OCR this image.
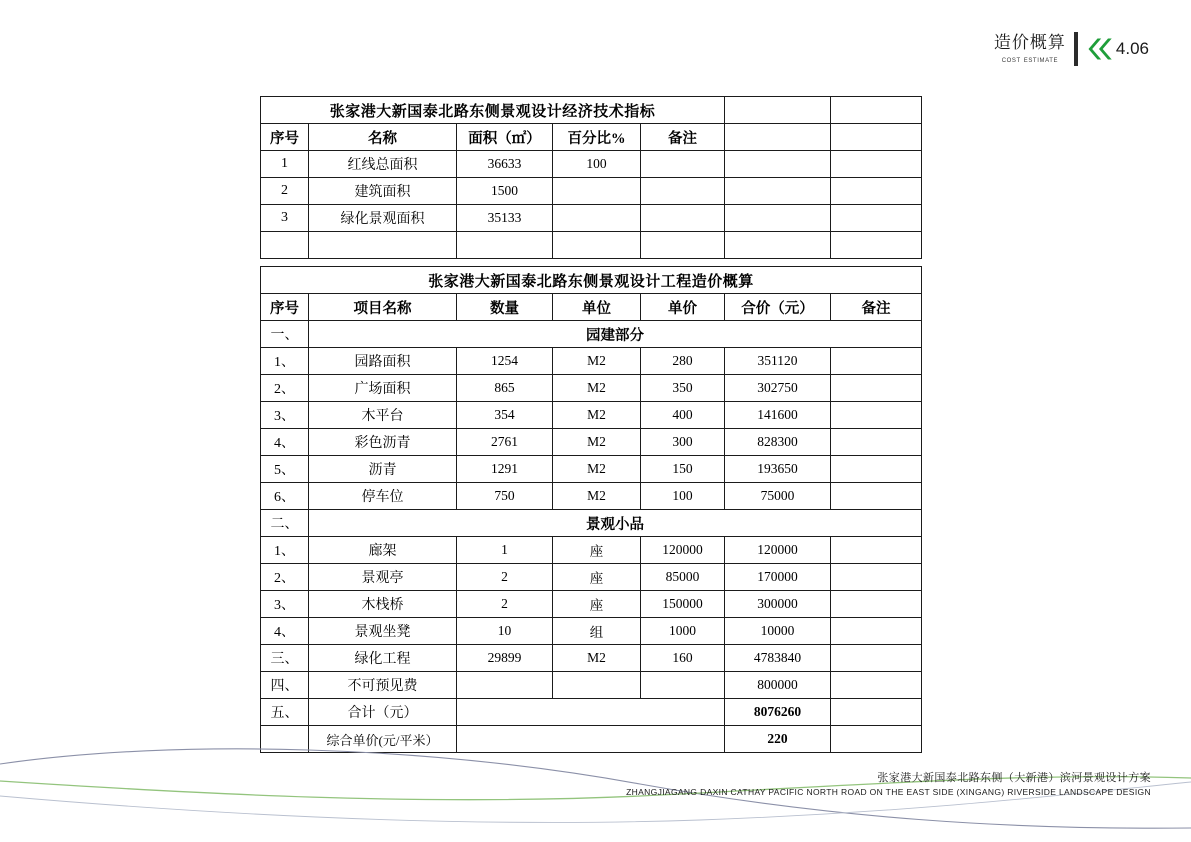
造价概算
cost estimate
4.06
张家港大新国泰北路东侧景观设计经济技术指标						
序号	名称	面积（㎡）	百分比%	备注		
1	红线总面积	36633	100			
2	建筑面积	1500				
3	绿化景观面积	35133				

张家港大新国泰北路东侧景观设计工程造价概算						
序号	项目名称	数量	单位	单价	合价（元）	备注
一、	园建部分					
1、	园路面积	1254	M2	280	351120	
2、	广场面积	865	M2	350	302750	
3、	木平台	354	M2	400	141600	
4、	彩色沥青	2761	M2	300	828300	
5、	沥青	1291	M2	150	193650	
6、	停车位	750	M2	100	75000	
二、	景观小品					
1、	廊架	1	座	120000	120000	
2、	景观亭	2	座	85000	170000	
3、	木栈桥	2	座	150000	300000	
4、	景观坐凳	10	组	1000	10000	
三、	绿化工程	29899	M2	160	4783840	
四、	不可预见费				800000	
五、	合计（元）				8076260	
	综合单价(元/平米）				220	
张家港大新国泰北路东侧（大新港）滨河景观设计方案
ZHANGJIAGANG DAXIN CATHAY PACIFIC NORTH ROAD ON THE EAST SIDE (XINGANG) RIVERSIDE LANDSCAPE DESIGN
